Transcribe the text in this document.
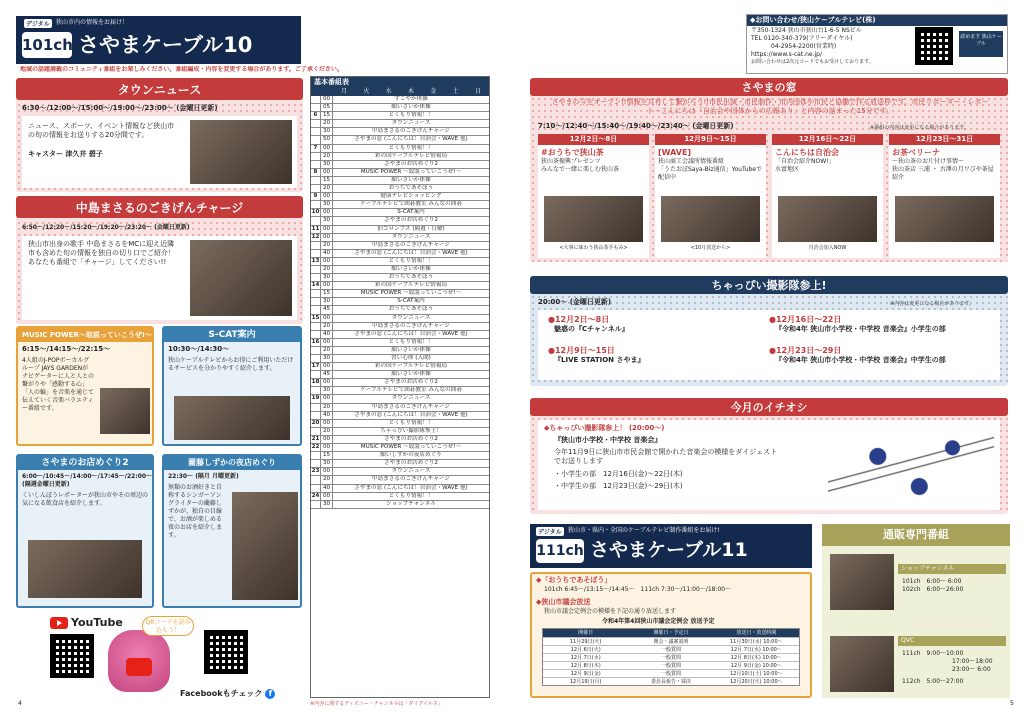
デジタル	狭山市内の情報をお届け！
101ch さやまケーブル10
地域の話題満載のコミュニティ番組をお楽しみください。番組編成・内容を変更する場合があります。ご了承ください。
タウンニュース
6:30〜/12:00〜/15:00〜/19:00〜/23:00〜 (金曜日更新)
ニュース、スポーツ、イベント情報など狭山市の旬の情報をお送りする20分間です。
キャスター 津久井 碧子
中島まさるのごきげんチャージ
6:50〜/12:20〜/15:20〜/19:20〜/23:20〜 (金曜日更新)
狭山市出身の歌手 中島まさるをMCに迎え近隣市も含めた旬の情報を独自の切り口でご紹介！あなたも番組で「チャージ」してください!!
MUSIC POWER〜取説っていこうぜ!〜
6:15〜/14:15〜/22:15〜
4人組のJ-POPボーカルグループ JAYS GARDENがナビゲーターに人と人との繋がりや「感動する心」「人の輪」を音楽を通じて伝えていく音楽バラエティー番組です。
S-CAT案内
10:30〜/14:30〜
狭山ケーブルテレビからお得にご利用いただけるサービスを分かりやすく紹介します。
さやまのお店めぐり2
6:00〜/10:45〜/14:00〜/17:45〜/22:00〜 (隔週金曜日更新)
くいしんぼうレポーターが狭山市やその周辺の気になる飲食店を紹介します。
藺藤しずかの夜店めぐり
22:30〜 (隔月 月曜更新)
無類のお酒好きと自称するシンガーソングライターの藺藤しずかが、独自の目線で、お酒が楽しめる夜のお店を紹介します。
YouTube	QRコードを読み込もう！
Facebookもチェック f
4
基本番組表
月	火	水	木	金	土	日
00	すこやか体操
05	願いさいか体操
6 15	とくもり情報！！
20	タウンニュース
30	中島まさるのごきげんチャージ
50	さやまの窓 (こんにちは！自治会・WAVE 他)
7 00	とくもり情報！！
20	彩の国ケーブルテレビ情報局
30	さやまのお店めぐり2
8 00	MUSIC POWER 〜取説っていこうぜ!〜
15	願いさいか体操
20	おうちであそぼう
9 00	健康テレビショッピング
30	ケーブルテレビで囲碁教室 みんなの囲碁
10 00	S-CAT案内
30	さやまのお店めぐり2
11 00	狛コロンブス (隔週・日曜)
12 00	タウンニュース
20	中島まさるのごきげんチャージ
40	さやまの窓 (こんにちは！自治会・WAVE 他)
13 00	とくもり情報！！
20	願いさいか体操
30	おうちであそぼう
14 00	彩の国ケーブルテレビ情報局
15	MUSIC POWER 〜取説っていこうぜ!〜
30	S-CAT案内
45	おうちであそぼう
15 00	タウンニュース
20	中島まさるのごきげんチャージ
40	さやまの窓 (こんにちは！自治会・WAVE 他)
16 00	とくもり情報！！
20	願いさいか体操
30	習い心体 (入間)
17 00	彩の国ケーブルテレビ情報局
45	願いさいか体操
18 00	さやまのお店めぐり2
30	ケーブルテレビで囲碁教室 みんなの囲碁
19 00	タウンニュース
20	中島まさるのごきげんチャージ
40	さやまの窓 (こんにちは！自治会・WAVE 他)
20 00	とくもり情報！！
20	ちゃっぴい撮影隊参上！
21 00	さやまのお店めぐり2
22 00	MUSIC POWER 〜取説っていこうぜ!〜
15	願いしずかの夜店めぐり
30	さやまのお店めぐり2
23 00	タウンニュース
20	中島まさるのごきげんチャージ
40	さやまの窓 (こんにちは！自治会・WAVE 他)
24 00	とくもり情報！！
30	ショップチャンネル
※内容に関するディズニー・チャンネルは「ダイグイルス」
◆お問い合わせ/狭山ケーブルテレビ(株)
〒350-1324 狭山市狭山台1-6-5 NSビル
TEL 0120-340-379(フリーダイヤル)
04-2954-2200(営業時)
https://www.s-cat.ne.jp/
お問い合わせは2次元コードでもお受けしております。
読めます 狭山ケーブル
さやまの窓
さやまの今をオープン!!情報を共有して繋がろう!!市民出演・市民制作・市内団体や市民と協働で作る放送枠です。市民リポーター・レポート・こんにちは「自治会や団体からの広報あり」と内容の話まった15分です。
7:10〜/12:40〜/15:40〜/19:40〜/23:40〜 (金曜日更新)	※番組の内容は変更になる場合があります。
12月2日〜8日
#おうちで狭山茶
狭山茶振興プレゼンツ
みんなで一緒に楽しむ狭山茶
<大事に味わう狭山茶手もみ>
12月9日〜15日
[WAVE]
狭山商工会議所情報番組
「うたおぼSaya-Biz通信」YouTubeで配信中
<10月放送から>
12月16日〜22日
こんにちは自治会
「自治会紹介NOW!」
水富地区
自治会加入NOW
12月23日〜31日
お茶ベリーナ
〜狭山茶のお片付け事情〜
狭山茶店 三浦 ・ 古澤の月ワびや茶屋紹介
ちゃっぴい撮影隊参上!
20:00〜 (金曜日更新)	※内容は変更になる場合があります。
●12月2日〜8日
魅惑の『Cチャンネル』
●12月16日〜22日
『令和4年 狭山市小学校・中学校 音楽会』小学生の部
●12月9日〜15日
『LIVE STATION さやま』
●12月23日〜29日
『令和4年 狭山市小学校・中学校 音楽会』中学生の部
今月のイチオシ
◆ちゃっぴい撮影隊参上！ (20:00〜)
『狭山市小学校・中学校 音楽会』
今年11月9日に狭山市市民会館で開かれた音楽会の模様をダイジェストでお送りします
・小学生の部　12月16日(金)〜22日(木)
・中学生の部　12月23日(金)〜29日(木)
デジタル	狭山市・県内・全国のケーブルテレビ制作番組をお届け!
111ch さやまケーブル11
◆「おうちであそぼう」
101ch 6:45〜/13:15〜/14:45〜　111ch 7:30〜/11:00〜/18:00〜
◆狭山市議会放送
狭山市議会定例会の模様を下記の通り放送します
令和4年第4回狭山市議会定例会 放送予定
開催日	開催日・予定日	放送日・放送時間
11月29日(火)	開会・議案説明	11月30日(水) 10:00〜
12月 6日(火)	一般質問	12月 7日(水) 10:00〜
12月 7日(水)	一般質問	12月 8日(木) 10:00〜
12月 8日(木)	一般質問	12月 9日(金) 10:00〜
12月 9日(金)	一般質問	12月10日(土) 10:00〜
12月19日(月)	委員長報告・採決	12月20日(火) 10:00〜
通販専門番組
ショップチャンネル
101ch　6:00〜 6:00
102ch　6:00〜26:00
QVC
111ch　9:00〜10:00
17:00〜18:00
23:00〜 6:00
112ch　5:00〜27:00
5
